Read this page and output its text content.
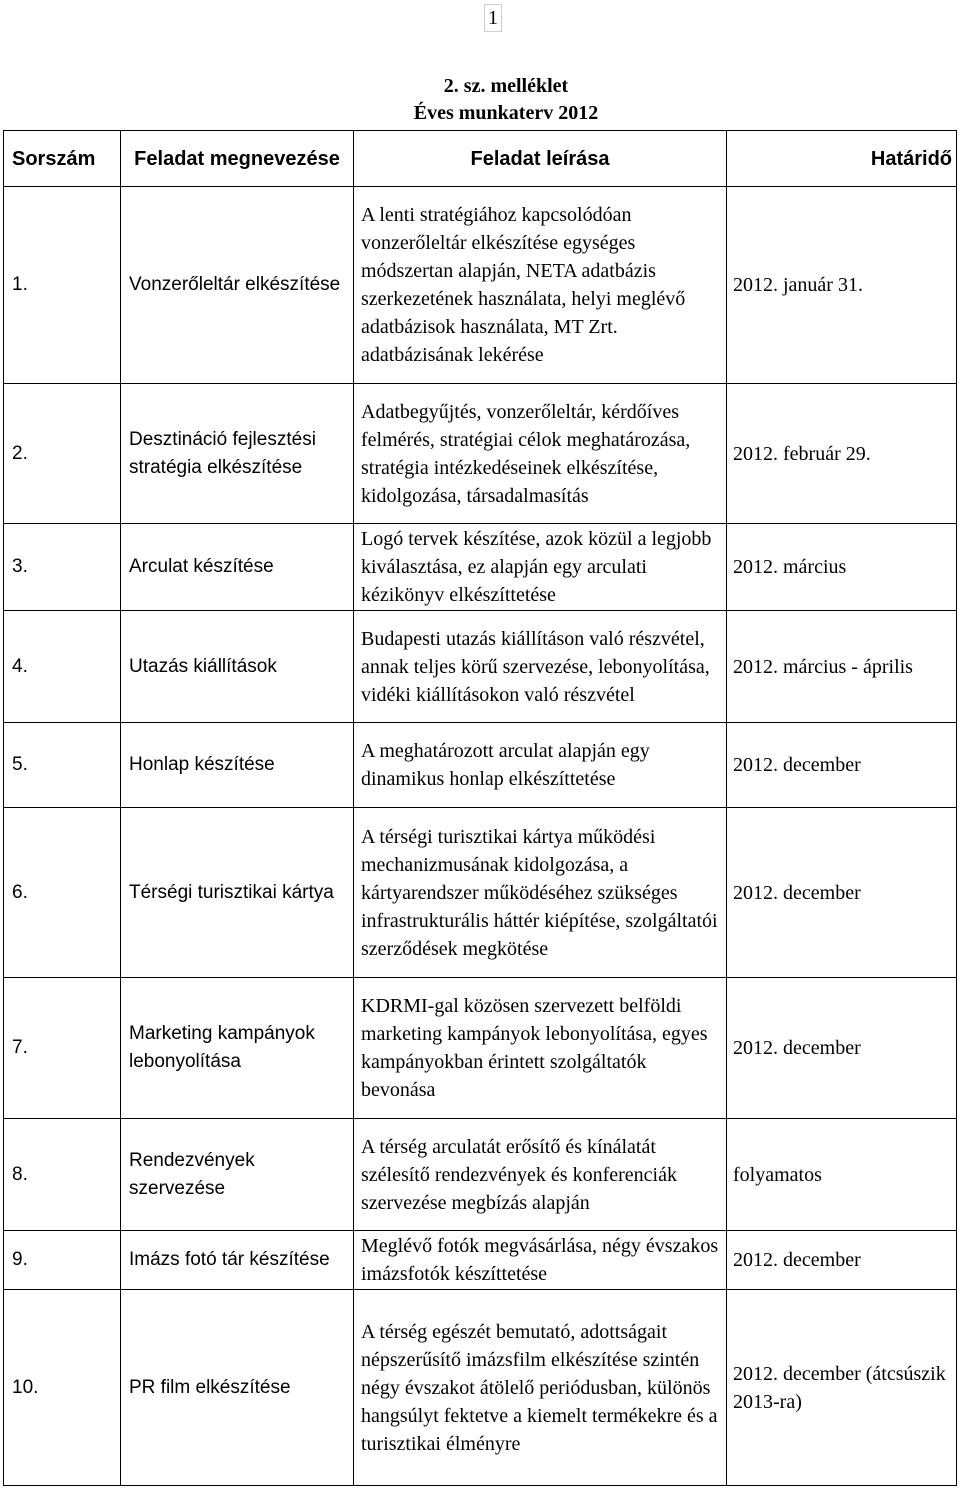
1
2. sz. melléklet
Éves munkaterv 2012
Sorszám	Feladat megnevezése	Feladat leírása	Határidő
1.	Vonzerőleltár elkészítése	A lenti stratégiához kapcsolódóan vonzerőleltár elkészítése egységes módszertan alapján, NETA adatbázis szerkezetének használata, helyi meglévő adatbázisok használata, MT Zrt. adatbázisának lekérése	2012. január 31.
2.	Desztináció fejlesztési stratégia elkészítése	Adatbegyűjtés, vonzerőleltár, kérdőíves felmérés, stratégiai célok meghatározása, stratégia intézkedéseinek elkészítése, kidolgozása, társadalmasítás	2012. február 29.
3.	Arculat készítése	Logó tervek készítése, azok közül a legjobb kiválasztása, ez alapján egy arculati kézikönyv elkészíttetése	2012. március
4.	Utazás kiállítások	Budapesti utazás kiállításon való részvétel, annak teljes körű szervezése, lebonyolítása, vidéki kiállításokon való részvétel	2012. március - április
5.	Honlap készítése	A meghatározott arculat alapján egy dinamikus honlap elkészíttetése	2012. december
6.	Térségi turisztikai kártya	A térségi turisztikai kártya működési mechanizmusának kidolgozása, a kártyarendszer működéséhez szükséges infrastrukturális háttér kiépítése, szolgáltatói szerződések megkötése	2012. december
7.	Marketing kampányok lebonyolítása	KDRMI-gal közösen szervezett belföldi marketing kampányok lebonyolítása, egyes kampányokban érintett szolgáltatók bevonása	2012. december
8.	Rendezvények szervezése	A térség arculatát erősítő és kínálatát szélesítő rendezvények és konferenciák szervezése megbízás alapján	folyamatos
9.	Imázs fotó tár készítése	Meglévő fotók megvásárlása, négy évszakos imázsfotók készíttetése	2012. december
10.	PR film elkészítése	A térség egészét bemutató, adottságait népszerűsítő imázsfilm elkészítése szintén négy évszakot átölelő periódusban, különös hangsúlyt fektetve a kiemelt termékekre és a turisztikai élményre	2012. december (átcsúszik 2013-ra)
